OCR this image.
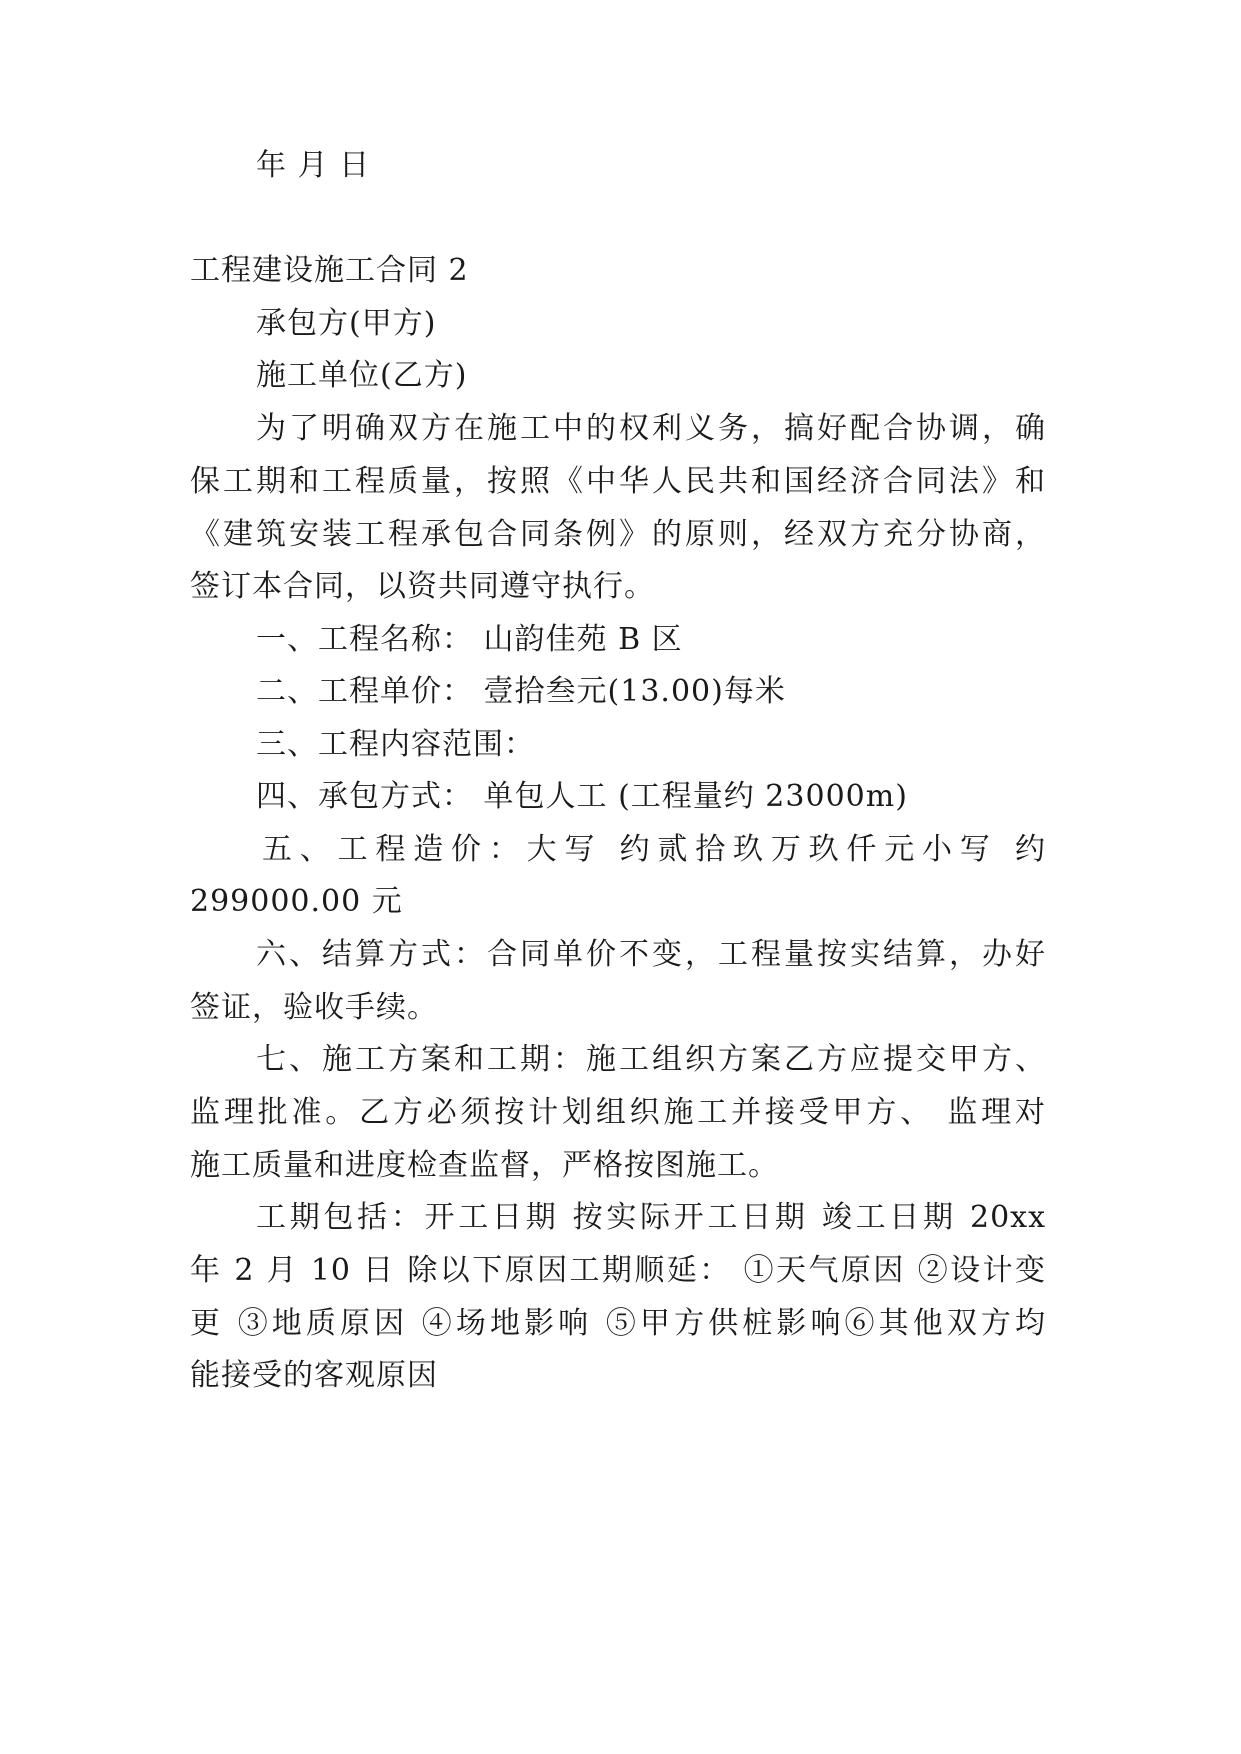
年 月 日
工程建设施工合同 2
承包方(甲方)
施工单位(乙方)
为了明确双方在施工中的权利义务，搞好配合协调，确
保工期和工程质量，按照《中华人民共和国经济合同法》和
《建筑安装工程承包合同条例》的原则，经双方充分协商，
签订本合同，以资共同遵守执行。
一、工程名称： 山韵佳苑 B 区
二、工程单价： 壹拾叁元(13.00)每米
三、工程内容范围：
四、承包方式： 单包人工 (工程量约 23000m)
五、工程造价：大写 约贰拾玖万玖仟元小写 约
299000.00 元
六、结算方式：合同单价不变，工程量按实结算，办好
签证，验收手续。
七、施工方案和工期：施工组织方案乙方应提交甲方、
监理批准。乙方必须按计划组织施工并接受甲方、 监理对
施工质量和进度检查监督，严格按图施工。
工期包括：开工日期 按实际开工日期 竣工日期 20xx
年 2 月 10 日 除以下原因工期顺延： ①天气原因 ②设计变
更 ③地质原因 ④场地影响 ⑤甲方供桩影响⑥其他双方均
能接受的客观原因
